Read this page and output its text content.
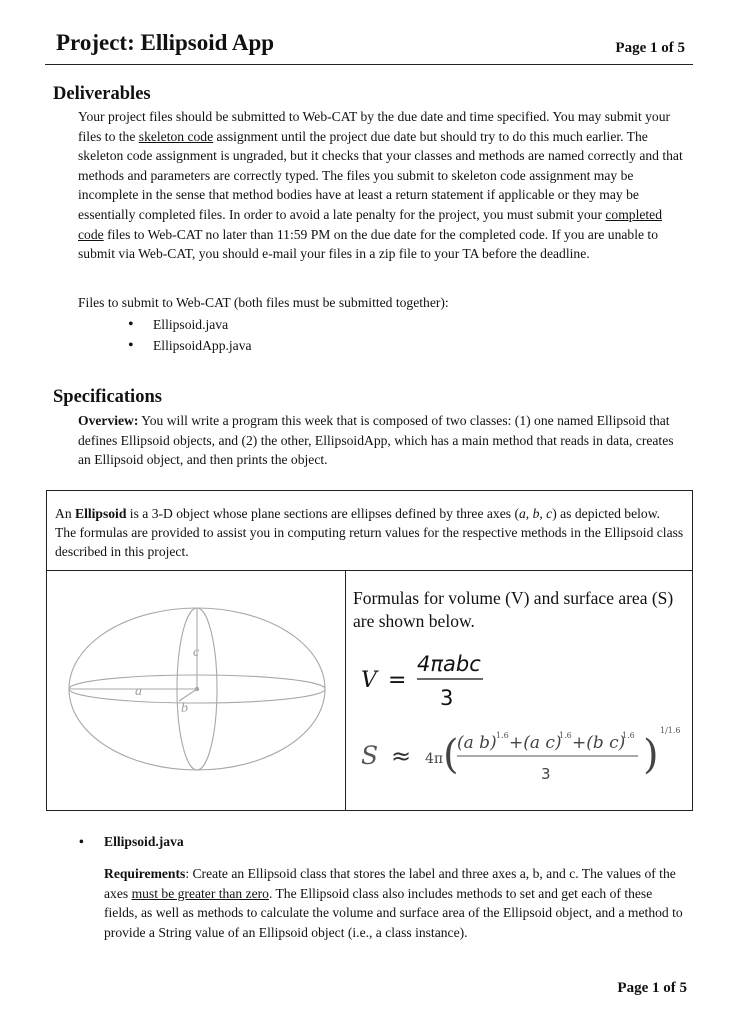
Project: Ellipsoid App	Page 1 of 5
Deliverables

Your project files should be submitted to Web-CAT by the due date and time specified. You may submit your files to the skeleton code assignment until the project due date but should try to do this much earlier. The skeleton code assignment is ungraded, but it checks that your classes and methods are named correctly and that methods and parameters are correctly typed. The files you submit to skeleton code assignment may be incomplete in the sense that method bodies have at least a return statement if applicable or they may be essentially completed files. In order to avoid a late penalty for the project, you must submit your completed code files to Web-CAT no later than 11:59 PM on the due date for the completed code. If you are unable to submit via Web-CAT, you should e-mail your files in a zip file to your TA before the deadline.

Files to submit to Web-CAT (both files must be submitted together):
• Ellipsoid.java
• EllipsoidApp.java
Specifications

Overview: You will write a program this week that is composed of two classes: (1) one named Ellipsoid that defines Ellipsoid objects, and (2) the other, EllipsoidApp, which has a main method that reads in data, creates an Ellipsoid object, and then prints the object.

An Ellipsoid is a 3-D object whose plane sections are ellipses defined by three axes (a, b, c) as depicted below. The formulas are provided to assist you in computing return values for the respective methods in the Ellipsoid class described in this project.
a
c
b
Formulas for volume (V) and surface area (S) are shown below.
V =
4πabc
3
S ≈ 4π (
(a b) 1.6 +(a c)
1.6 +(b c)
1.6
3 )
1/1.6
• Ellipsoid.java

Requirements: Create an Ellipsoid class that stores the label and three axes a, b, and c. The values of the axes must be greater than zero. The Ellipsoid class also includes methods to set and get each of these fields, as well as methods to calculate the volume and surface area of the Ellipsoid object, and a method to provide a String value of an Ellipsoid object (i.e., a class instance).

Page 1 of 5
